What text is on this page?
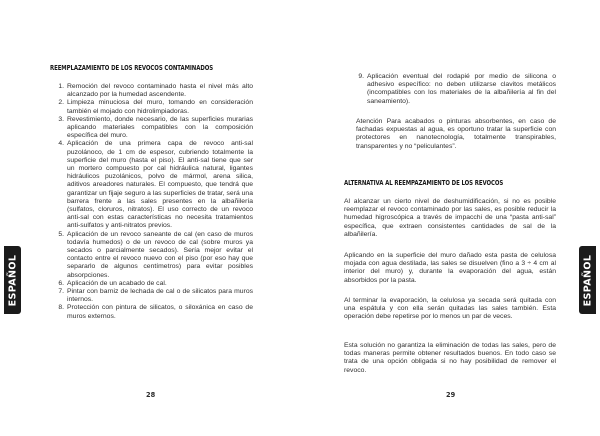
REEMPLAZAMIENTO DE LOS REVOCOS CONTAMINADOS
1. Remoción del revoco contaminado hasta el nivel más alto alcanzado por la humedad ascendente.
2. Limpieza minuciosa del muro, tomando en consideración también el mojado con hidrolimpiadoras.
3. Revestimiento, donde necesario, de las superficies murarias aplicando materiales compatibles con la composición específica del muro.
4. Aplicación de una primera capa de revoco anti-sal puzolánoco, de 1 cm de espesor, cubriendo totalmente la superficie del muro (hasta el piso). El anti-sal tiene que ser un mortero compuesto por cal hidráulica natural, ligantes hidráulicos puzolánicos, polvo de mármol, arena silica, aditivos areadores naturales. El compuesto, que tendrá que garantizar un fijaje seguro a las superficies de tratar, será una barrera frente a las sales presentes en la albañilería (sulfatos, cloruros, nitratos). El uso correcto de un revoco anti-sal con estas características no necesita tratamientos anti-sulfatos y anti-nitratos previos.
5. Aplicación de un revoco saneante de cal (en caso de muros todavía humedos) o de un revoco de cal (sobre muros ya secados o parcialmente secados). Sería mejor evitar el contacto entre el revoco nuevo con el piso (por eso hay que separarlo de algunos centímetros) para evitar posibles absorpciones.
6. Aplicación de un acabado de cal.
7. Pintar con barniz de lechada de cal o de silicatos para muros internos.
8. Protección con pintura de silicatos, o siloxánica en caso de muros externos.
ESPAÑOL
28
9. Aplicación eventual del rodapié por medio de silicona o adhesivo específico: no deben utilizarse clavitos metálicos (incompatibles con los materiales de la albañilería al fin del saneamiento).
Atención Para acabados o pinturas absorbentes, en caso de fachadas expuestas al agua, es oportuno tratar la superficie con protectores en nanotecnología, totalmente transpirables, transparentes y no “peliculantes”.
ALTERNATIVA AL REEMPAZAMIENTO DE LOS REVOCOS
Al alcanzar un cierto nivel de deshumidificación, si no es posible reemplazar el revoco contaminado por las sales, es posible reducir la humedad higroscópica a través de impacchi de una “pasta anti-sal” específica, que extraen consistentes cantidades de sal de la albañilería.
Aplicando en la superficie del muro dañado esta pasta de celulosa mojada con agua destilada, las sales se disuelven (fino a 3 ÷ 4 cm al interior del muro) y, durante la evaporación del agua, están absorbidos por la pasta.
Al terminar la evaporación, la celulosa ya secada será quitada con una espátula y con ella serán quitadas las sales también. Esta operación debe repetirse por lo menos un par de veces.
Esta solución no garantiza la eliminación de todas las sales, pero de todas maneras permite obtener resultados buenos. En todo caso se trata de una opción obligada si no hay posibilidad de remover el revoco.
ESPAÑOL
29
